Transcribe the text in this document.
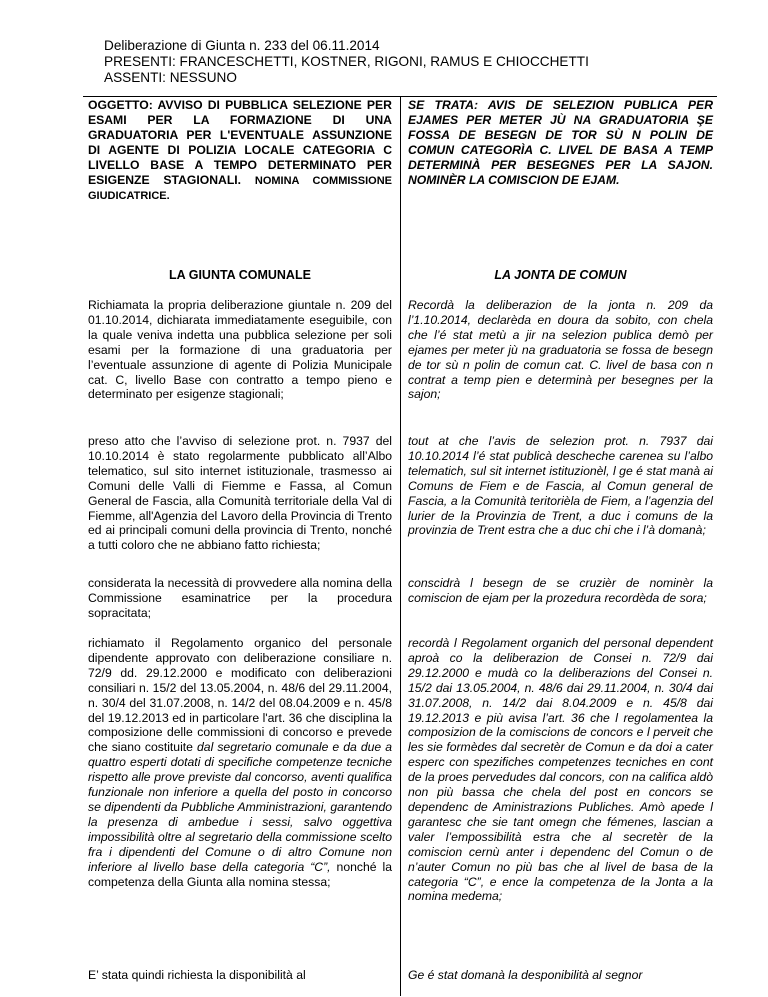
Deliberazione di Giunta n. 233 del 06.11.2014
PRESENTI: FRANCESCHETTI, KOSTNER, RIGONI, RAMUS E CHIOCCHETTI
ASSENTI: NESSUNO
OGGETTO: AVVISO DI PUBBLICA SELEZIONE PER ESAMI PER LA FORMAZIONE DI UNA GRADUATORIA PER L'EVENTUALE ASSUNZIONE DI AGENTE DI POLIZIA LOCALE CATEGORIA C LIVELLO BASE A TEMPO DETERMINATO PER ESIGENZE STAGIONALI. NOMINA COMMISSIONE GIUDICATRICE.
LA GIUNTA COMUNALE
Richiamata la propria deliberazione giuntale n. 209 del 01.10.2014, dichiarata immediatamente eseguibile, con la quale veniva indetta una pubblica selezione per soli esami per la formazione di una graduatoria per l’eventuale assunzione di agente di Polizia Municipale cat. C, livello Base con contratto a tempo pieno e determinato per esigenze stagionali;
preso atto che l’avviso di selezione prot. n. 7937 del 10.10.2014 è stato regolarmente pubblicato all’Albo telematico, sul sito internet istituzionale, trasmesso ai Comuni delle Valli di Fiemme e Fassa, al Comun General de Fascia, alla Comunità territoriale della Val di Fiemme, all'Agenzia del Lavoro della Provincia di Trento ed ai principali comuni della provincia di Trento, nonché a tutti coloro che ne abbiano fatto richiesta;
considerata la necessità di provvedere alla nomina della Commissione esaminatrice per la procedura sopracitata;
richiamato il Regolamento organico del personale dipendente approvato con deliberazione consiliare n. 72/9 dd. 29.12.2000 e modificato con deliberazioni consiliari n. 15/2 del 13.05.2004, n. 48/6 del 29.11.2004, n. 30/4 del 31.07.2008, n. 14/2 del 08.04.2009 e n. 45/8 del 19.12.2013 ed in particolare l'art. 36 che disciplina la composizione delle commissioni di concorso e prevede che siano costituite dal segretario comunale e da due a quattro esperti dotati di specifiche competenze tecniche rispetto alle prove previste dal concorso, aventi qualifica funzionale non inferiore a quella del posto in concorso se dipendenti da Pubbliche Amministrazioni, garantendo la presenza di ambedue i sessi, salvo oggettiva impossibilità oltre al segretario della commissione scelto fra i dipendenti del Comune o di altro Comune non inferiore al livello base della categoria “C”, nonché la competenza della Giunta alla nomina stessa;
E’ stata quindi richiesta la disponibilità al
SE TRATA: AVIS DE SELEZION PUBLICA PER EJAMES PER METER JÙ NA GRADUATORIA ŞE FOSSA DE BESEGN DE TOR SÙ N POLIN DE COMUN CATEGORÌA C. LIVEL DE BASA A TEMP DETERMINÀ PER BESEGNES PER LA SAJON. NOMINÈR LA COMISCION DE EJAM.
LA JONTA DE COMUN
Recordà la deliberazion de la jonta n. 209 da l’1.10.2014, declarèda en doura da sobito, con chela che l’é stat metù a jir na selezion publica demò per ejames per meter jù na graduatoria se fossa de besegn de tor sù n polin de comun cat. C. livel de basa con n contrat a temp pien e determinà per besegnes per la sajon;
tout at che l’avis de selezion prot. n. 7937 dai 10.10.2014 l’é stat publicà descheche carenea su l’albo telematich, sul sit internet istituzionèl, l ge é stat manà ai Comuns de Fiem e de Fascia, al Comun general de Fascia, a la Comunità teritorièla de Fiem, a l’agenzia del lurier de la Provinzia de Trent, a duc i comuns de la provinzia de Trent estra che a duc chi che i l’à domanà;
conscidrà l besegn de se cruzièr de nominèr la comiscion de ejam per la prozedura recordèda de sora;
recordà l Regolament organich del personal dependent aproà co la deliberazion de Consei n. 72/9 dai 29.12.2000 e mudà co la deliberazions del Consei n. 15/2 dai 13.05.2004, n. 48/6 dai 29.11.2004, n. 30/4 dai 31.07.2008, n. 14/2 dai 8.04.2009 e n. 45/8 dai 19.12.2013 e più avisa l’art. 36 che l regolamentea la composizion de la comiscions de concors e l perveit che les sie formèdes dal secretèr de Comun e da doi a cater esperc con spezifiches competenzes tecniches en cont de la proes pervedudes dal concors, con na califica aldò non più bassa che chela del post en concors se dependenc de Aministrazions Publiches. Amò apede l garantesc che sie tant omegn che fémenes, lascian a valer l’empossibilità estra che al secretèr de la comiscion cernù anter i dependenc del Comun o de n’auter Comun no più bas che al livel de basa de la categoria “C”, e ence la competenza de la Jonta a la nomina medema;
Ge é stat domanà la desponibilità al segnor
